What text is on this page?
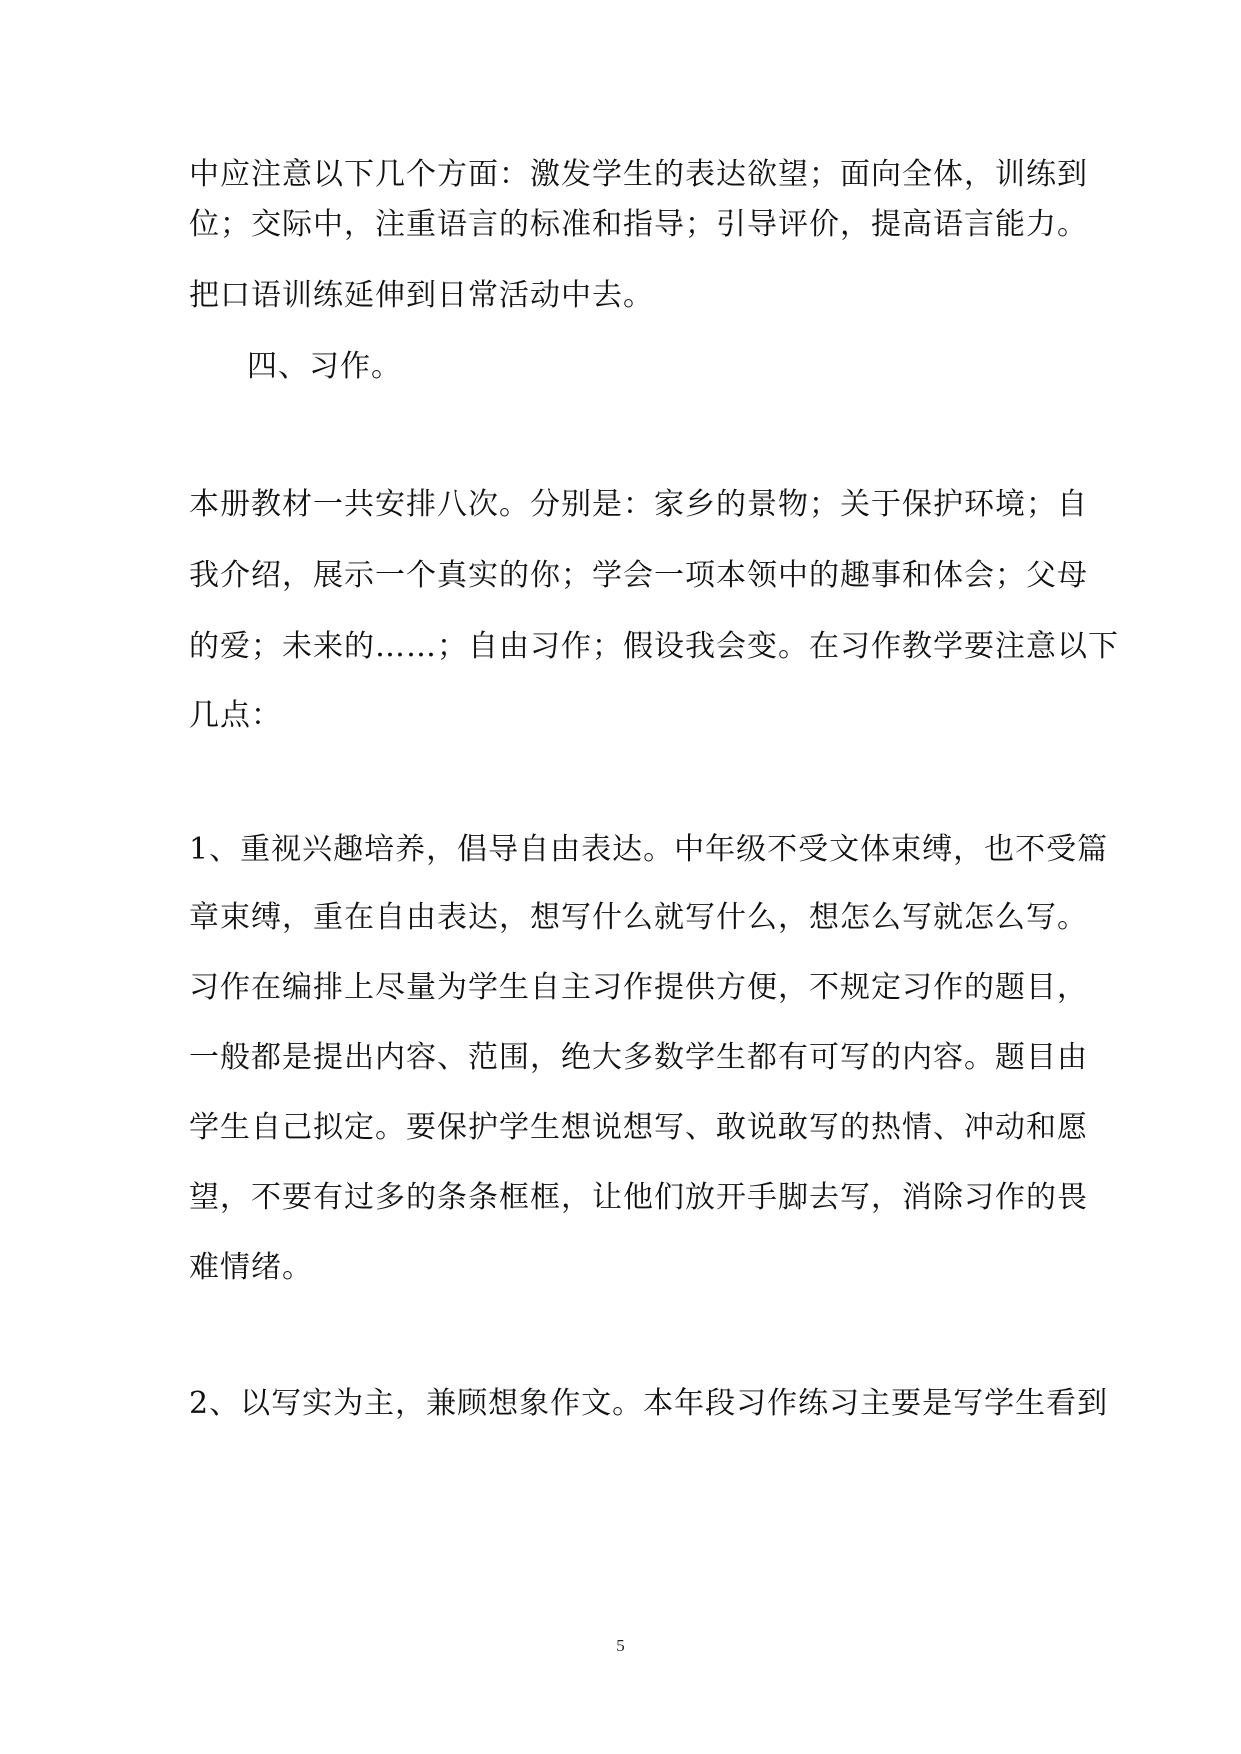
中应注意以下几个方面：激发学生的表达欲望；面向全体，训练到
位；交际中，注重语言的标准和指导；引导评价，提高语言能力。
把口语训练延伸到日常活动中去。
四、习作。
本册教材一共安排八次。分别是：家乡的景物；关于保护环境；自
我介绍，展示一个真实的你；学会一项本领中的趣事和体会；父母
的爱；未来的……；自由习作；假设我会变。在习作教学要注意以下
几点：
1、重视兴趣培养，倡导自由表达。中年级不受文体束缚，也不受篇
章束缚，重在自由表达，想写什么就写什么，想怎么写就怎么写。
习作在编排上尽量为学生自主习作提供方便，不规定习作的题目，
一般都是提出内容、范围，绝大多数学生都有可写的内容。题目由
学生自己拟定。要保护学生想说想写、敢说敢写的热情、冲动和愿
望，不要有过多的条条框框，让他们放开手脚去写，消除习作的畏
难情绪。
2、以写实为主，兼顾想象作文。本年段习作练习主要是写学生看到
5
